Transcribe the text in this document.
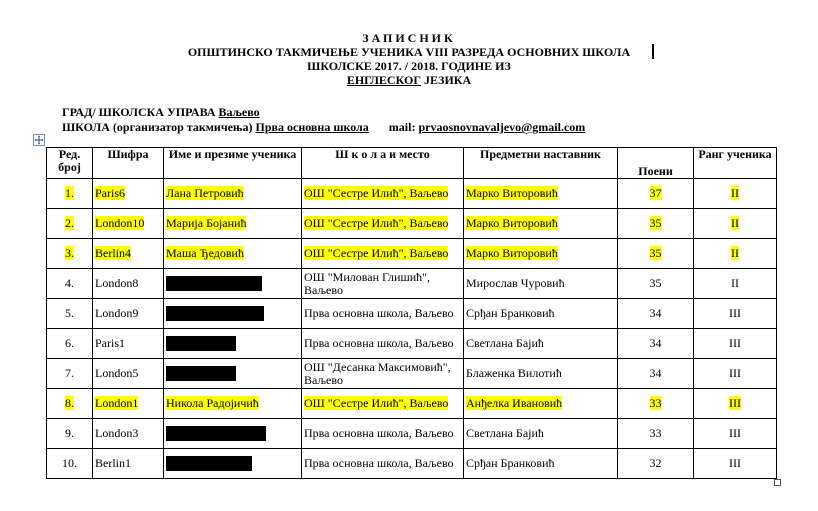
ЗАПИСНИК
ОПШТИНСКО ТАКМИЧЕЊЕ УЧЕНИКА VIII РАЗРЕДА ОСНОВНИХ ШКОЛА
ШКОЛСКЕ 2017. / 2018. ГОДИНЕ ИЗ
ЕНГЛЕСКОГ ЈЕЗИКА
ГРАД/ ШКОЛСКА УПРАВА Ваљево
ШКОЛА (организатор такмичења) Прва основна школа mail: prvaosnovnavaljevo@gmail.com
Ред. број	Шифра	Име и презиме ученика	Ш к о л а и место	Предметни наставник	Поени	Ранг ученика
1.	Paris6	Лана Петровић	ОШ "Сестре Илић", Ваљево	Марко Виторовић	37	II
2.	London10	Марија Бојанић	ОШ "Сестре Илић", Ваљево	Марко Виторовић	35	II
3.	Berlin4	Маша Ђедовић	ОШ "Сестре Илић", Ваљево	Марко Виторовић	35	II
4.	London8		ОШ "Милован Глишић", Ваљево	Мирослав Чуровић	35	II
5.	London9		Прва основна школа, Ваљево	Срђан Бранковић	34	III
6.	Paris1		Прва основна школа, Ваљево	Светлана Бајић	34	III
7.	London5		ОШ "Десанка Максимовић", Ваљево	Блаженка Вилотић	34	III
8.	London1	Никола Радојичић	ОШ "Сестре Илић", Ваљево	Анђелка Ивановић	33	III
9.	London3		Прва основна школа, Ваљево	Светлана Бајић	33	III
10.	Berlin1		Прва основна школа, Ваљево	Срђан Бранковић	32	III
